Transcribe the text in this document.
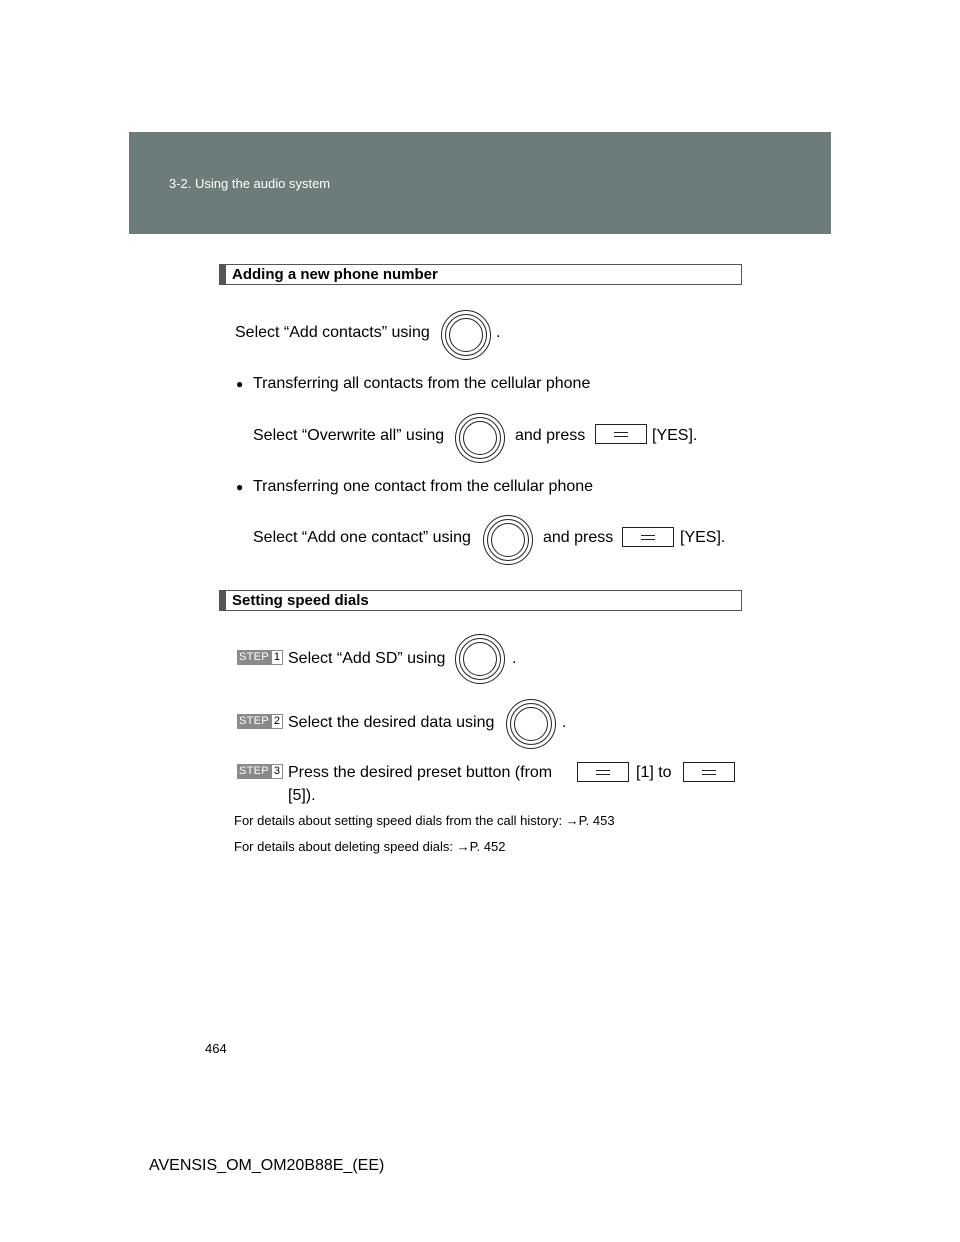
3-2. Using the audio system
Adding a new phone number
Select “Add contacts” using	.
● Transferring all contacts from the cellular phone
Select “Overwrite all” using	and press	[YES].
● Transferring one contact from the cellular phone
Select “Add one contact” using	and press	[YES].
Setting speed dials
STEP 1 Select “Add SD” using	.
STEP 2 Select the desired data using	.
STEP 3 Press the desired preset button (from	[1] to
[5]).
For details about setting speed dials from the call history: →P. 453
For details about deleting speed dials: →P. 452
464
AVENSIS_OM_OM20B88E_(EE)
